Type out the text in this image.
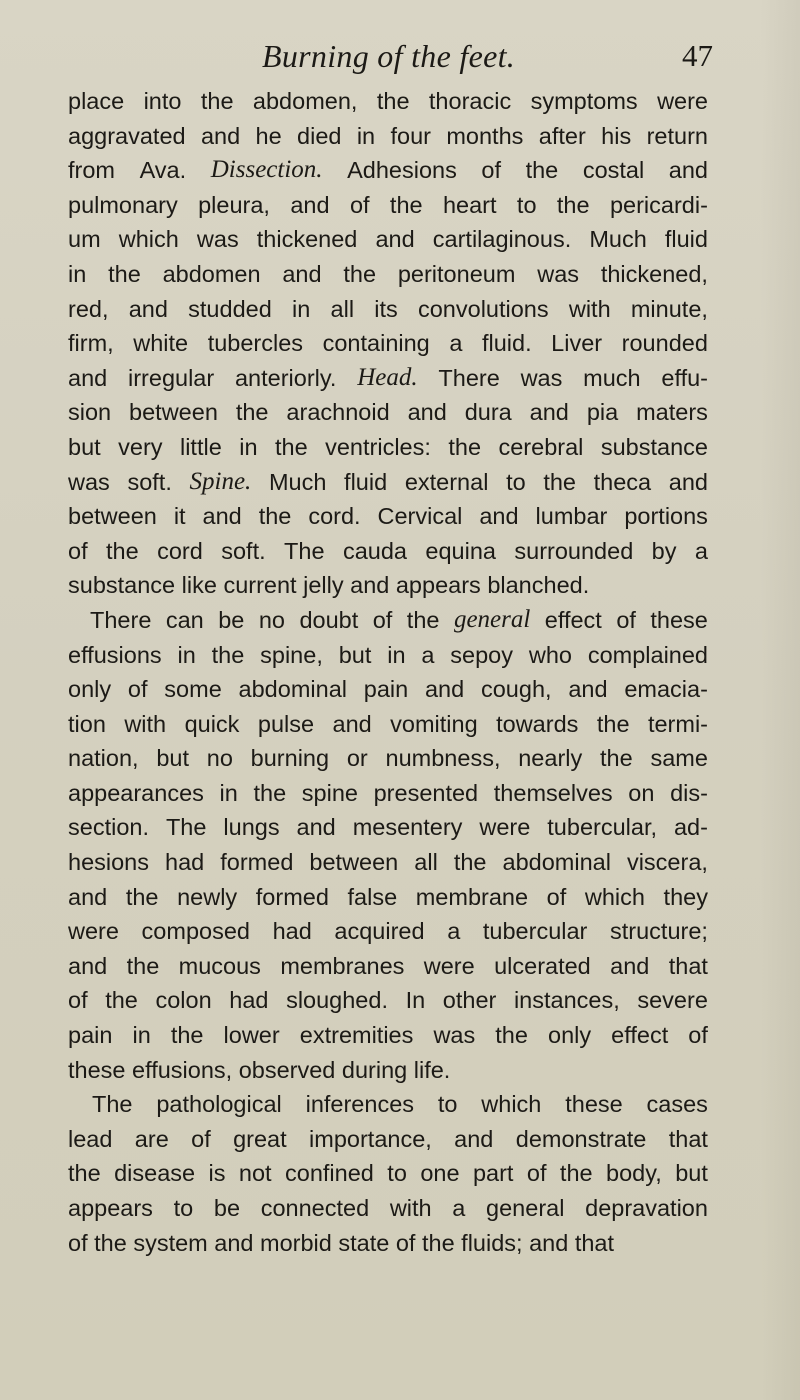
Burning of the feet.	47
place into the abdomen, the thoracic symptoms were
aggravated and he died in four months after his return
from Ava. Dissection. Adhesions of the costal and
pulmonary pleura, and of the heart to the pericardi-
um which was thickened and cartilaginous. Much fluid
in the abdomen and the peritoneum was thickened,
red, and studded in all its convolutions with minute,
firm, white tubercles containing a fluid. Liver rounded
and irregular anteriorly. Head. There was much effu-
sion between the arachnoid and dura and pia maters
but very little in the ventricles: the cerebral substance
was soft. Spine. Much fluid external to the theca and
between it and the cord. Cervical and lumbar portions
of the cord soft. The cauda equina surrounded by a
substance like current jelly and appears blanched.
There can be no doubt of the general effect of these
effusions in the spine, but in a sepoy who complained
only of some abdominal pain and cough, and emacia-
tion with quick pulse and vomiting towards the termi-
nation, but no burning or numbness, nearly the same
appearances in the spine presented themselves on dis-
section. The lungs and mesentery were tubercular, ad-
hesions had formed between all the abdominal viscera,
and the newly formed false membrane of which they
were composed had acquired a tubercular structure;
and the mucous membranes were ulcerated and that
of the colon had sloughed. In other instances, severe
pain in the lower extremities was the only effect of
these effusions, observed during life.
The pathological inferences to which these cases
lead are of great importance, and demonstrate that
the disease is not confined to one part of the body, but
appears to be connected with a general depravation
of the system and morbid state of the fluids; and that
